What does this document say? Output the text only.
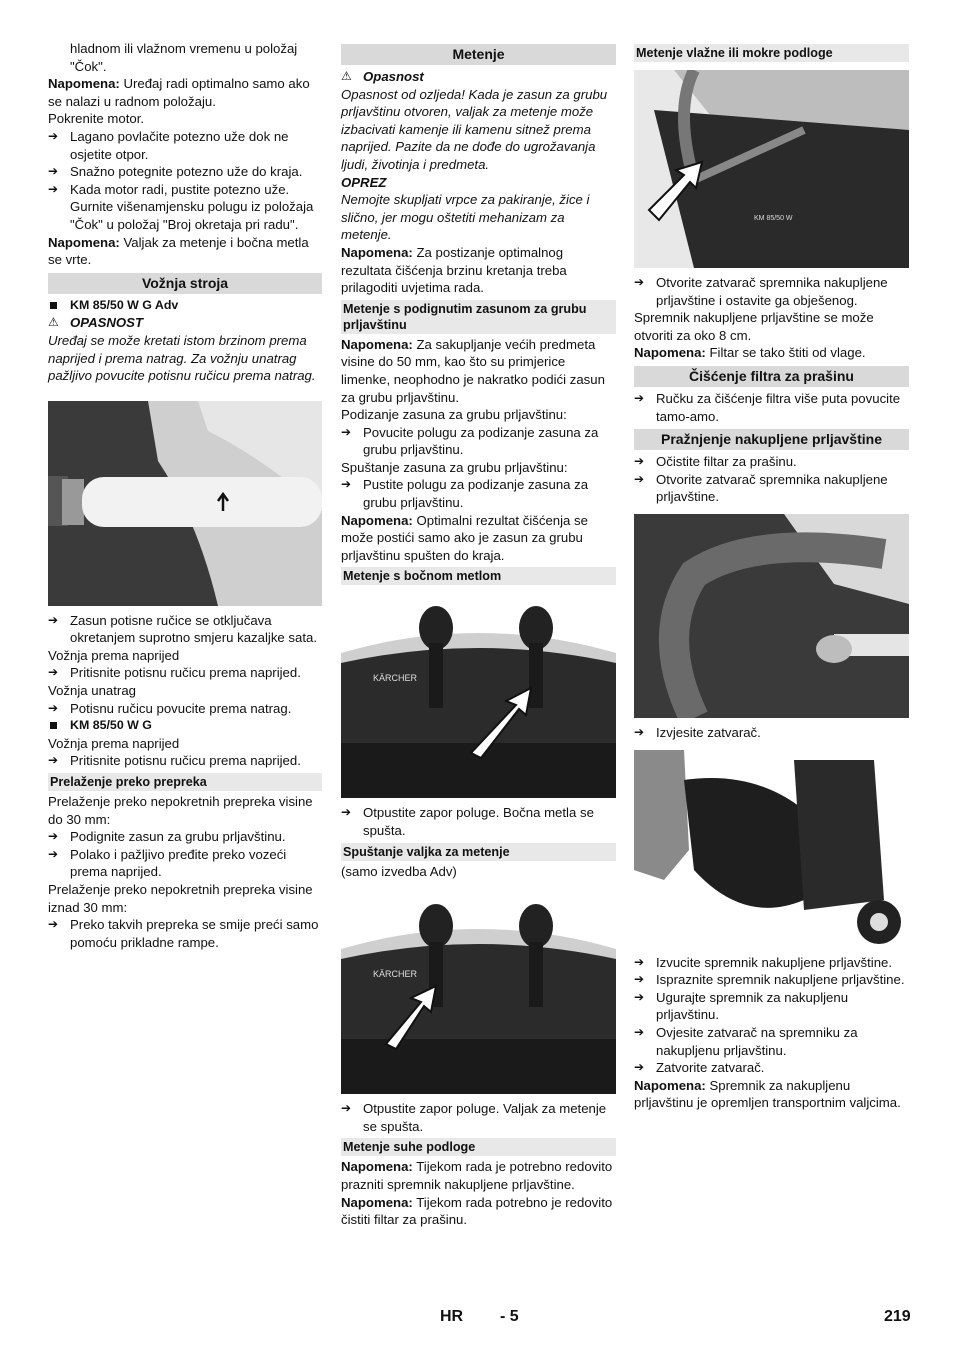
hladnom ili vlažnom vremenu u položaj

"Čok".

Napomena: Uređaj radi optimalno samo ako se nalazi u radnom položaju.

Pokrenite motor.

➔ Lagano povlačite potezno uže dok ne osjetite otpor.

➔ Snažno potegnite potezno uže do kraja.

➔ Kada motor radi, pustite potezno uže. Gurnite višenamjensku polugu iz položaja "Čok" u položaj "Broj okretaja pri radu".

Napomena: Valjak za metenje i bočna metla se vrte.

Vožnja stroja

KM 85/50 W G Adv

⚠ OPASNOST

Uređaj se može kretati istom brzinom prema naprijed i prema natrag. Za vožnju unatrag pažljivo povucite potisnu ručicu prema natrag.

➔ Zasun potisne ručice se otključava okretanjem suprotno smjeru kazaljke sata.

Vožnja prema naprijed

➔ Pritisnite potisnu ručicu prema naprijed.

Vožnja unatrag

➔ Potisnu ručicu povucite prema natrag.

KM 85/50 W G

Vožnja prema naprijed

➔ Pritisnite potisnu ručicu prema naprijed.

Prelaženje preko prepreka

Prelaženje preko nepokretnih prepreka visine do 30 mm:

➔ Podignite zasun za grubu prljavštinu.

➔ Polako i pažljivo pređite preko vozeći prema naprijed.

Prelaženje preko nepokretnih prepreka visine iznad 30 mm:

➔ Preko takvih prepreka se smije preći samo pomoću prikladne rampe.

Metenje

⚠ Opasnost

Opasnost od ozljeda! Kada je zasun za grubu prljavštinu otvoren, valjak za metenje može izbacivati kamenje ili kamenu sitnež prema naprijed. Pazite da ne dođe do ugrožavanja ljudi, životinja i predmeta.

OPREZ

Nemojte skupljati vrpce za pakiranje, žice i slično, jer mogu oštetiti mehanizam za metenje.

Napomena: Za postizanje optimalnog rezultata čišćenja brzinu kretanja treba prilagoditi uvjetima rada.

Metenje s podignutim zasunom za grubu prljavštinu

Napomena: Za sakupljanje većih predmeta visine do 50 mm, kao što su primjerice limenke, neophodno je nakratko podići zasun za grubu prljavštinu.

Podizanje zasuna za grubu prljavštinu:

➔ Povucite polugu za podizanje zasuna za grubu prljavštinu.

Spuštanje zasuna za grubu prljavštinu:

➔ Pustite polugu za podizanje zasuna za grubu prljavštinu.

Napomena: Optimalni rezultat čišćenja se može postići samo ako je zasun za grubu prljavštinu spušten do kraja.

Metenje s bočnom metlom
KÄRCHER

➔ Otpustite zapor poluge. Bočna metla se spušta.

Spuštanje valjka za metenje

(samo izvedba Adv)

KÄRCHER

➔ Otpustite zapor poluge. Valjak za metenje se spušta.

Metenje suhe podloge

Napomena: Tijekom rada je potrebno redovito prazniti spremnik nakupljene prljavštine.

Napomena: Tijekom rada potrebno je redovito čistiti filtar za prašinu.

Metenje vlažne ili mokre podloge
KM 85/50 W

➔ Otvorite zatvarač spremnika nakupljene prljavštine i ostavite ga obješenog.

Spremnik nakupljene prljavštine se može otvoriti za oko 8 cm.

Napomena: Filtar se tako štiti od vlage.

Čišćenje filtra za prašinu

➔ Ručku za čišćenje filtra više puta povucite tamo-amo.

Pražnjenje nakupljene prljavštine

➔ Očistite filtar za prašinu.

➔ Otvorite zatvarač spremnika nakupljene prljavštine.

➔ Izvjesite zatvarač.

➔ Izvucite spremnik nakupljene prljavštine.

➔ Ispraznite spremnik nakupljene prljavštine.

➔ Ugurajte spremnik za nakupljenu prljavštinu.

➔ Ovjesite zatvarač na spremniku za nakupljenu prljavštinu.

➔ Zatvorite zatvarač.

Napomena: Spremnik za nakupljenu prljavštinu je opremljen transportnim valjcima.

HR - 5	219
